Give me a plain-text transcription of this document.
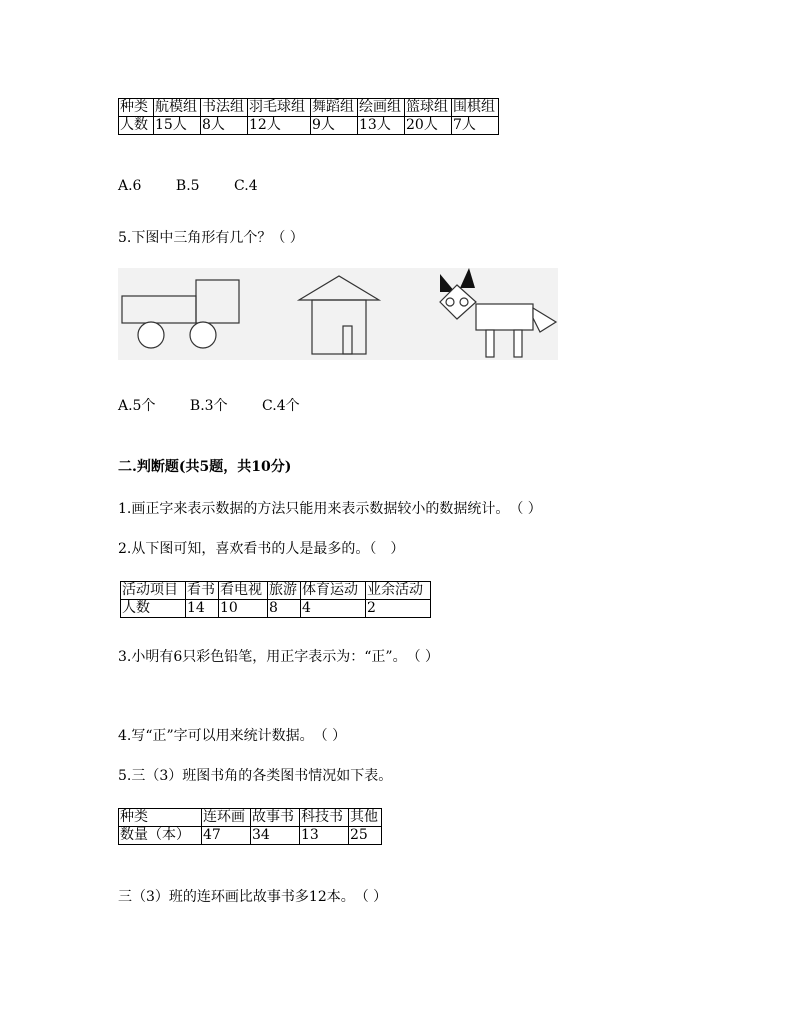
种类	航模组	书法组	羽毛球组	舞蹈组	绘画组	篮球组	围棋组
人数	15人	8人	12人	9人	13人	20人	7人
A.6 B.5 C.4
5.下图中三角形有几个？（ ）
A.5个 B.3个 C.4个
二.判断题(共5题，共10分)
1.画正字来表示数据的方法只能用来表示数据较小的数据统计。　（ ）
2.从下图可知，喜欢看书的人是最多的。（　）
活动项目	看书	看电视	旅游	体育运动	业余活动
人数	14	10	8	4	2
3.小明有6只彩色铅笔，用正字表示为：“正”。　（ ）
4.写“正”字可以用来统计数据。　（ ）
5.三（3）班图书角的各类图书情况如下表。
种类	连环画	故事书	科技书	其他
数量（本）	47	34	13	25
三（3）班的连环画比故事书多12本。　（ ）
